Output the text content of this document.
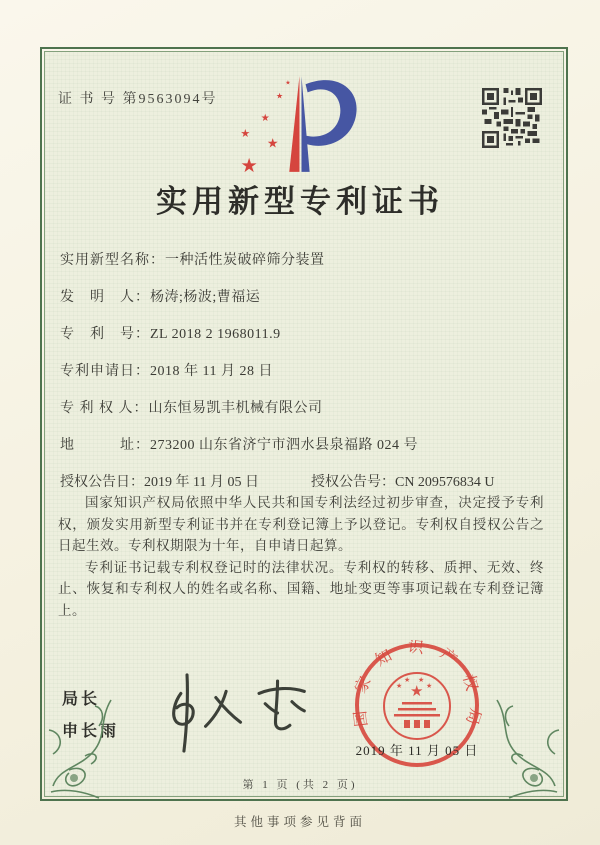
证 书 号 第9563094号
★
★
★
★
★
★
实用新型专利证书
实用新型名称： 一种活性炭破碎筛分装置
发　明　人： 杨涛;杨波;曹福运
专　利　号： ZL 2018 2 1968011.9
专利申请日： 2018 年 11 月 28 日
专 利 权 人： 山东恒易凯丰机械有限公司
地　　　址： 273200 山东省济宁市泗水县泉福路 024 号
授权公告日：2019 年 11 月 05 日	授权公告号：CN 209576834 U

国家知识产权局依照中华人民共和国专利法经过初步审查，决定授予专利权，颁发实用新型专利证书并在专利登记簿上予以登记。专利权自授权公告之日起生效。专利权期限为十年，自申请日起算。

专利证书记载专利权登记时的法律状况。专利权的转移、质押、无效、终止、恢复和专利权人的姓名或名称、国籍、地址变更等事项记载在专利登记簿上。

局长
申长雨
国家知识产权局
★
★
★ ★
★
2019 年 11 月 05 日
第 1 页 (共 2 页)
其他事项参见背面
